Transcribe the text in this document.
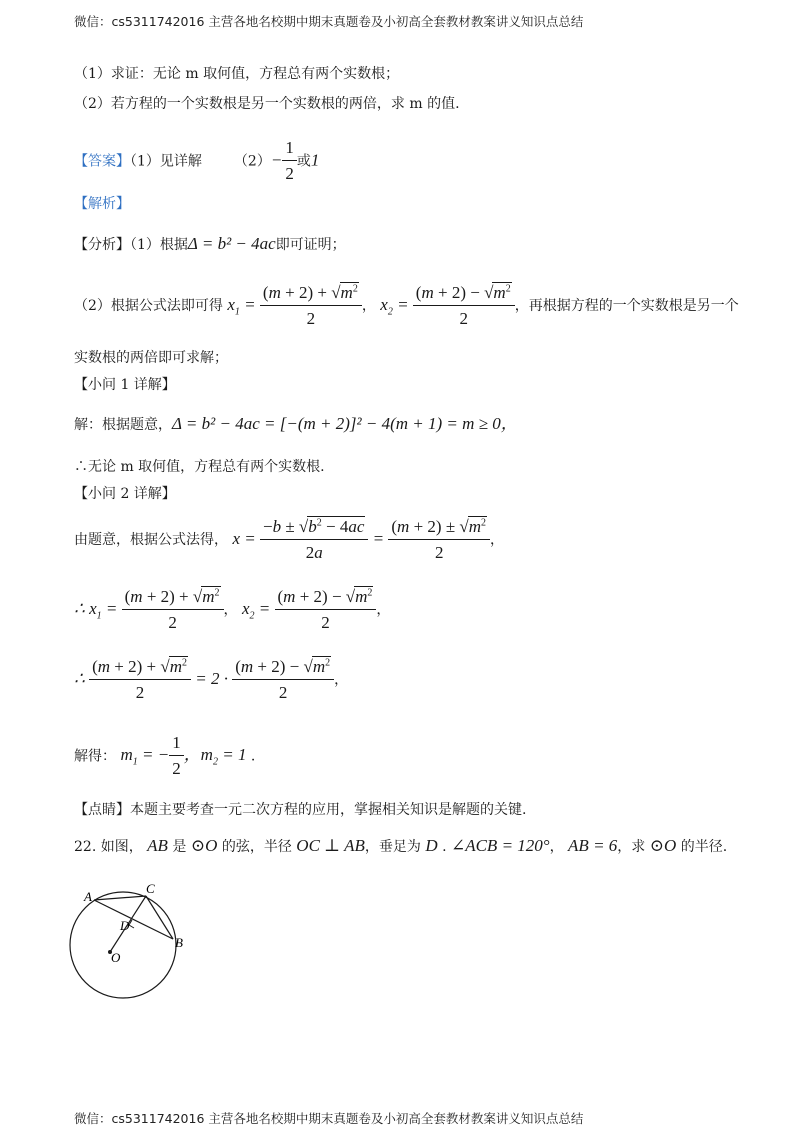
微信：cs5311742016 主营各地名校期中期末真题卷及小初高全套教材教案讲义知识点总结
（1）求证：无论 m 取何值，方程总有两个实数根；
（2）若方程的一个实数根是另一个实数根的两倍，求 m 的值.
【答案】（1）见详解 $(2)- \frac{1}{2}$ 或1
【解析】
【分析】（1）根据Δ = b² − 4ac即可证明；
（2）根据公式法即可得 $x_1 = \frac{(m + 2) + √m^2}{2}$ ， $x_2 = \frac{(m + 2) - √m^2}{2}$ ，再根据方程的一个实数根是另一个
实数根的两倍即可求解；
【小问 1 详解】
解：根据题意，Δ = b² − 4ac = [−(m + 2)]² − 4(m + 1) = m ≥ 0，
∴无论 m 取何值，方程总有两个实数根.
【小问 2 详解】
由题意，根据公式法得， $x = \frac{-b \pm √b^2 - 4ac}{2a} = \frac{(m + 2) \pm √m^2}{2}$ ，
∴ $x_1 = \frac{(m + 2) + √m^2}{2}$ ， $x_2 = \frac{(m + 2) - √m^2}{2}$ ，
∴ $\frac{(m + 2) + √m^2}{2} = 2 \cdot \frac{(m + 2) - √m^2}{2}$ ，
解得： $m_1$ = − $\frac{1}{2}$ ，$m_2 = 1$ .
【点睛】本题主要考查一元二次方程的应用，掌握相关知识是解题的关键.
22. 如图， AB 是 ⊙O 的弦，半径 OC ⊥ AB，垂足为 D . ∠ACB = 120°， AB = 6，求 ⊙O 的半径.
A
C
D
B
O
微信：cs5311742016 主营各地名校期中期末真题卷及小初高全套教材教案讲义知识点总结
